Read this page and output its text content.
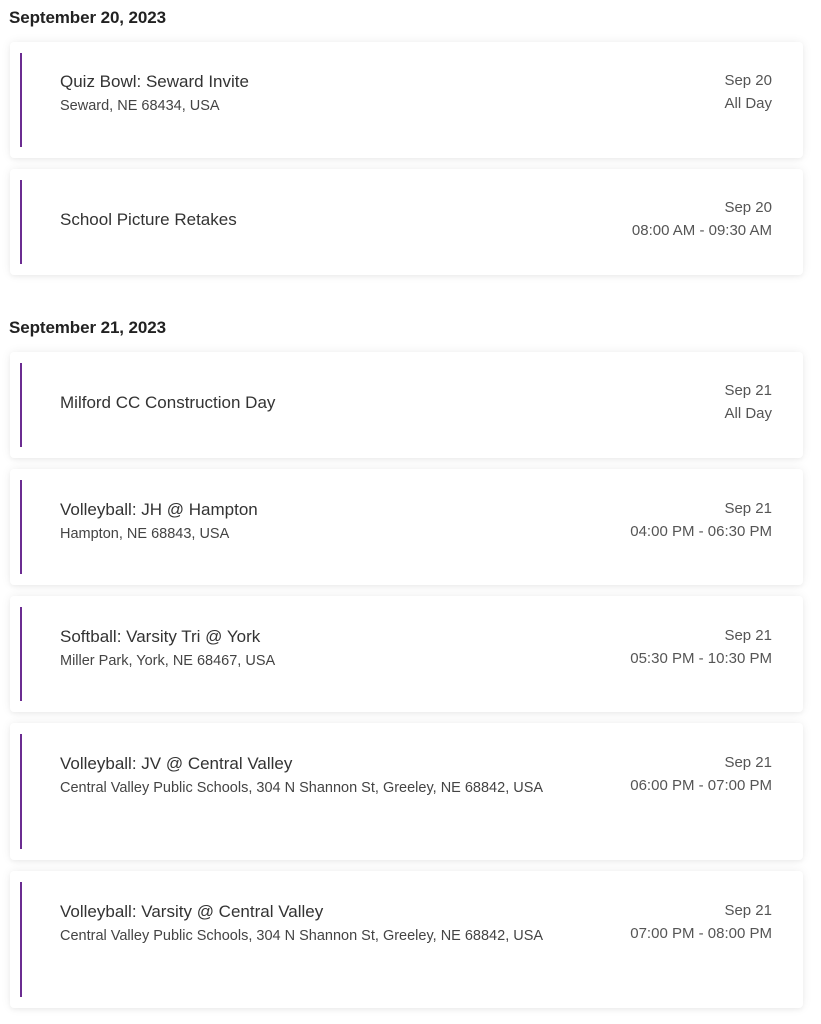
September 20, 2023
Quiz Bowl: Seward Invite
Seward, NE 68434, USA
Sep 20
All Day
School Picture Retakes
Sep 20
08:00 AM - 09:30 AM
September 21, 2023
Milford CC Construction Day
Sep 21
All Day
Volleyball: JH @ Hampton
Hampton, NE 68843, USA
Sep 21
04:00 PM - 06:30 PM
Softball: Varsity Tri @ York
Miller Park, York, NE 68467, USA
Sep 21
05:30 PM - 10:30 PM
Volleyball: JV @ Central Valley
Central Valley Public Schools, 304 N Shannon St, Greeley, NE 68842, USA
Sep 21
06:00 PM - 07:00 PM
Volleyball: Varsity @ Central Valley
Central Valley Public Schools, 304 N Shannon St, Greeley, NE 68842, USA
Sep 21
07:00 PM - 08:00 PM
